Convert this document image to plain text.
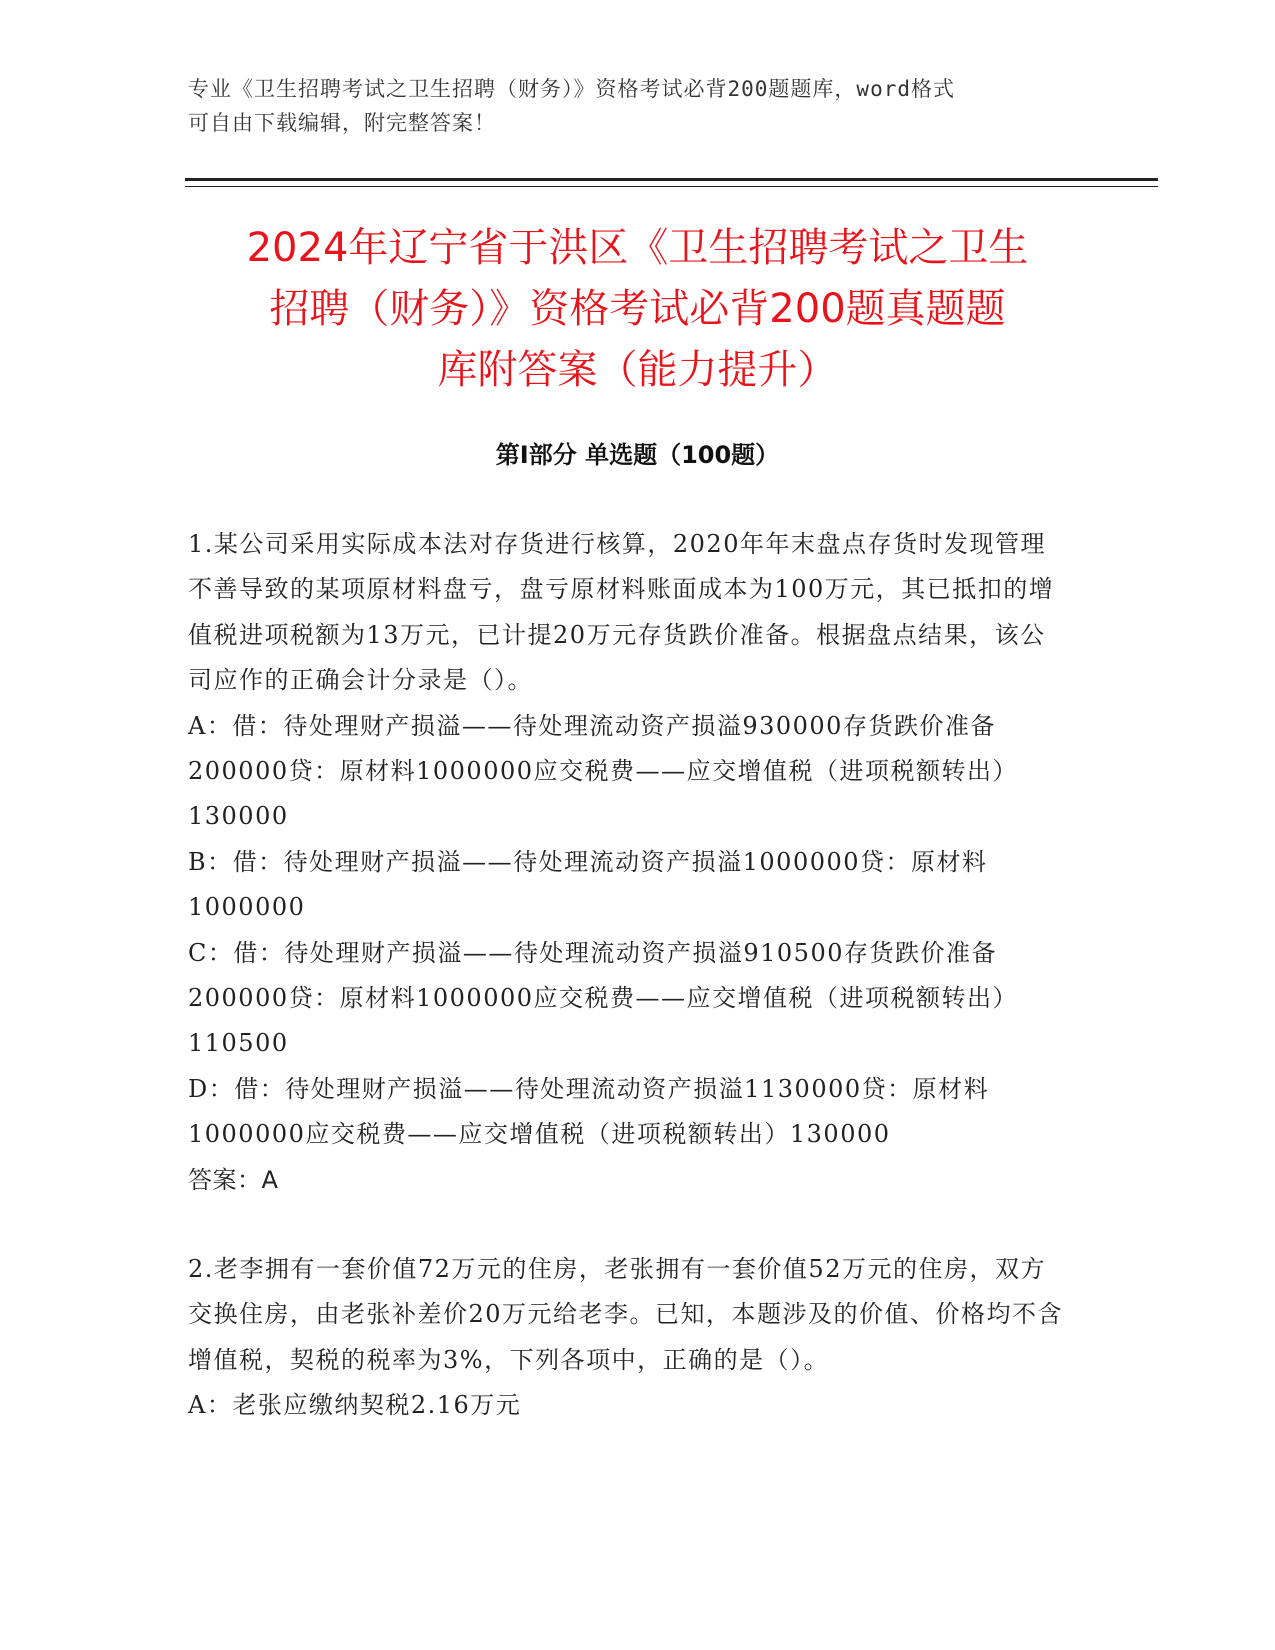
专业《卫生招聘考试之卫生招聘（财务）》资格考试必背200题题库，word格式
可自由下载编辑，附完整答案！
2024年辽宁省于洪区《卫生招聘考试之卫生
招聘（财务）》资格考试必背200题真题题
库附答案（能力提升）
第Ⅰ部分 单选题（100题）

1.某公司采用实际成本法对存货进行核算，2020年年末盘点存货时发现管理不善导致的某项原材料盘亏，盘亏原材料账面成本为100万元，其已抵扣的增值税进项税额为13万元，已计提20万元存货跌价准备。根据盘点结果，该公司应作的正确会计分录是（）。

A：借：待处理财产损溢——待处理流动资产损溢930000存货跌价准备200000贷：原材料1000000应交税费——应交增值税（进项税额转出）130000

B：借：待处理财产损溢——待处理流动资产损溢1000000贷：原材料1000000

C：借：待处理财产损溢——待处理流动资产损溢910500存货跌价准备200000贷：原材料1000000应交税费——应交增值税（进项税额转出）110500

D：借：待处理财产损溢——待处理流动资产损溢1130000贷：原材料1000000应交税费——应交增值税（进项税额转出）130000

答案：A

2.老李拥有一套价值72万元的住房，老张拥有一套价值52万元的住房，双方交换住房，由老张补差价20万元给老李。已知，本题涉及的价值、价格均不含增值税，契税的税率为3%，下列各项中，正确的是（）。

A：老张应缴纳契税2.16万元
